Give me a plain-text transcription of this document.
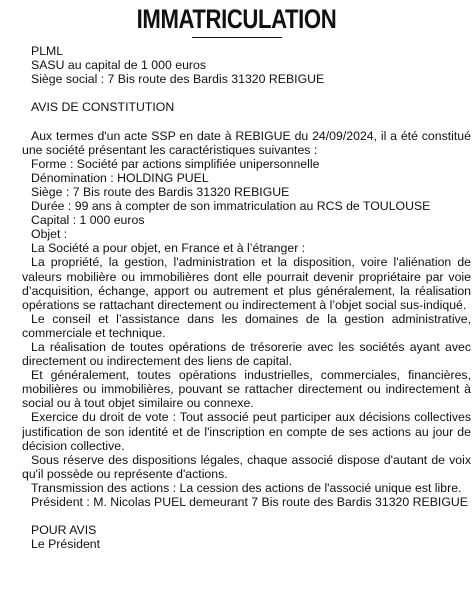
IMMATRICULATION
PLML
SASU au capital de 1 000 euros
Siège social : 7 Bis route des Bardis 31320 REBIGUE
AVIS DE CONSTITUTION
Aux termes d'un acte SSP en date à REBIGUE du 24/09/2024, il a été constitué
une société présentant les caractéristiques suivantes :
Forme : Société par actions simplifiée unipersonnelle
Dénomination : HOLDING PUEL
Siège : 7 Bis route des Bardis 31320 REBIGUE
Durée : 99 ans à compter de son immatriculation au RCS de TOULOUSE
Capital : 1 000 euros
Objet :
La Société a pour objet, en France et à l’étranger :
La propriété, la gestion, l'administration et la disposition, voire l'aliénation de
valeurs mobilière ou immobilières dont elle pourrait devenir propriétaire par voie
d’acquisition, échange, apport ou autrement et plus généralement, la réalisation
opérations se rattachant directement ou indirectement à l’objet social sus-indiqué.
Le conseil et l’assistance dans les domaines de la gestion administrative,
commerciale et technique.
La réalisation de toutes opérations de trésorerie avec les sociétés ayant avec
directement ou indirectement des liens de capital.
Et généralement, toutes opérations industrielles, commerciales, financières,
mobilières ou immobilières, pouvant se rattacher directement ou indirectement à
social ou à tout objet similaire ou connexe.
Exercice du droit de vote : Tout associé peut participer aux décisions collectives
justification de son identité et de l'inscription en compte de ses actions au jour de
décision collective.
Sous réserve des dispositions légales, chaque associé dispose d'autant de voix
qu'il possède ou représente d'actions.
Transmission des actions : La cession des actions de l'associé unique est libre.
Président : M. Nicolas PUEL demeurant 7 Bis route des Bardis 31320 REBIGUE
POUR AVIS
Le Président
